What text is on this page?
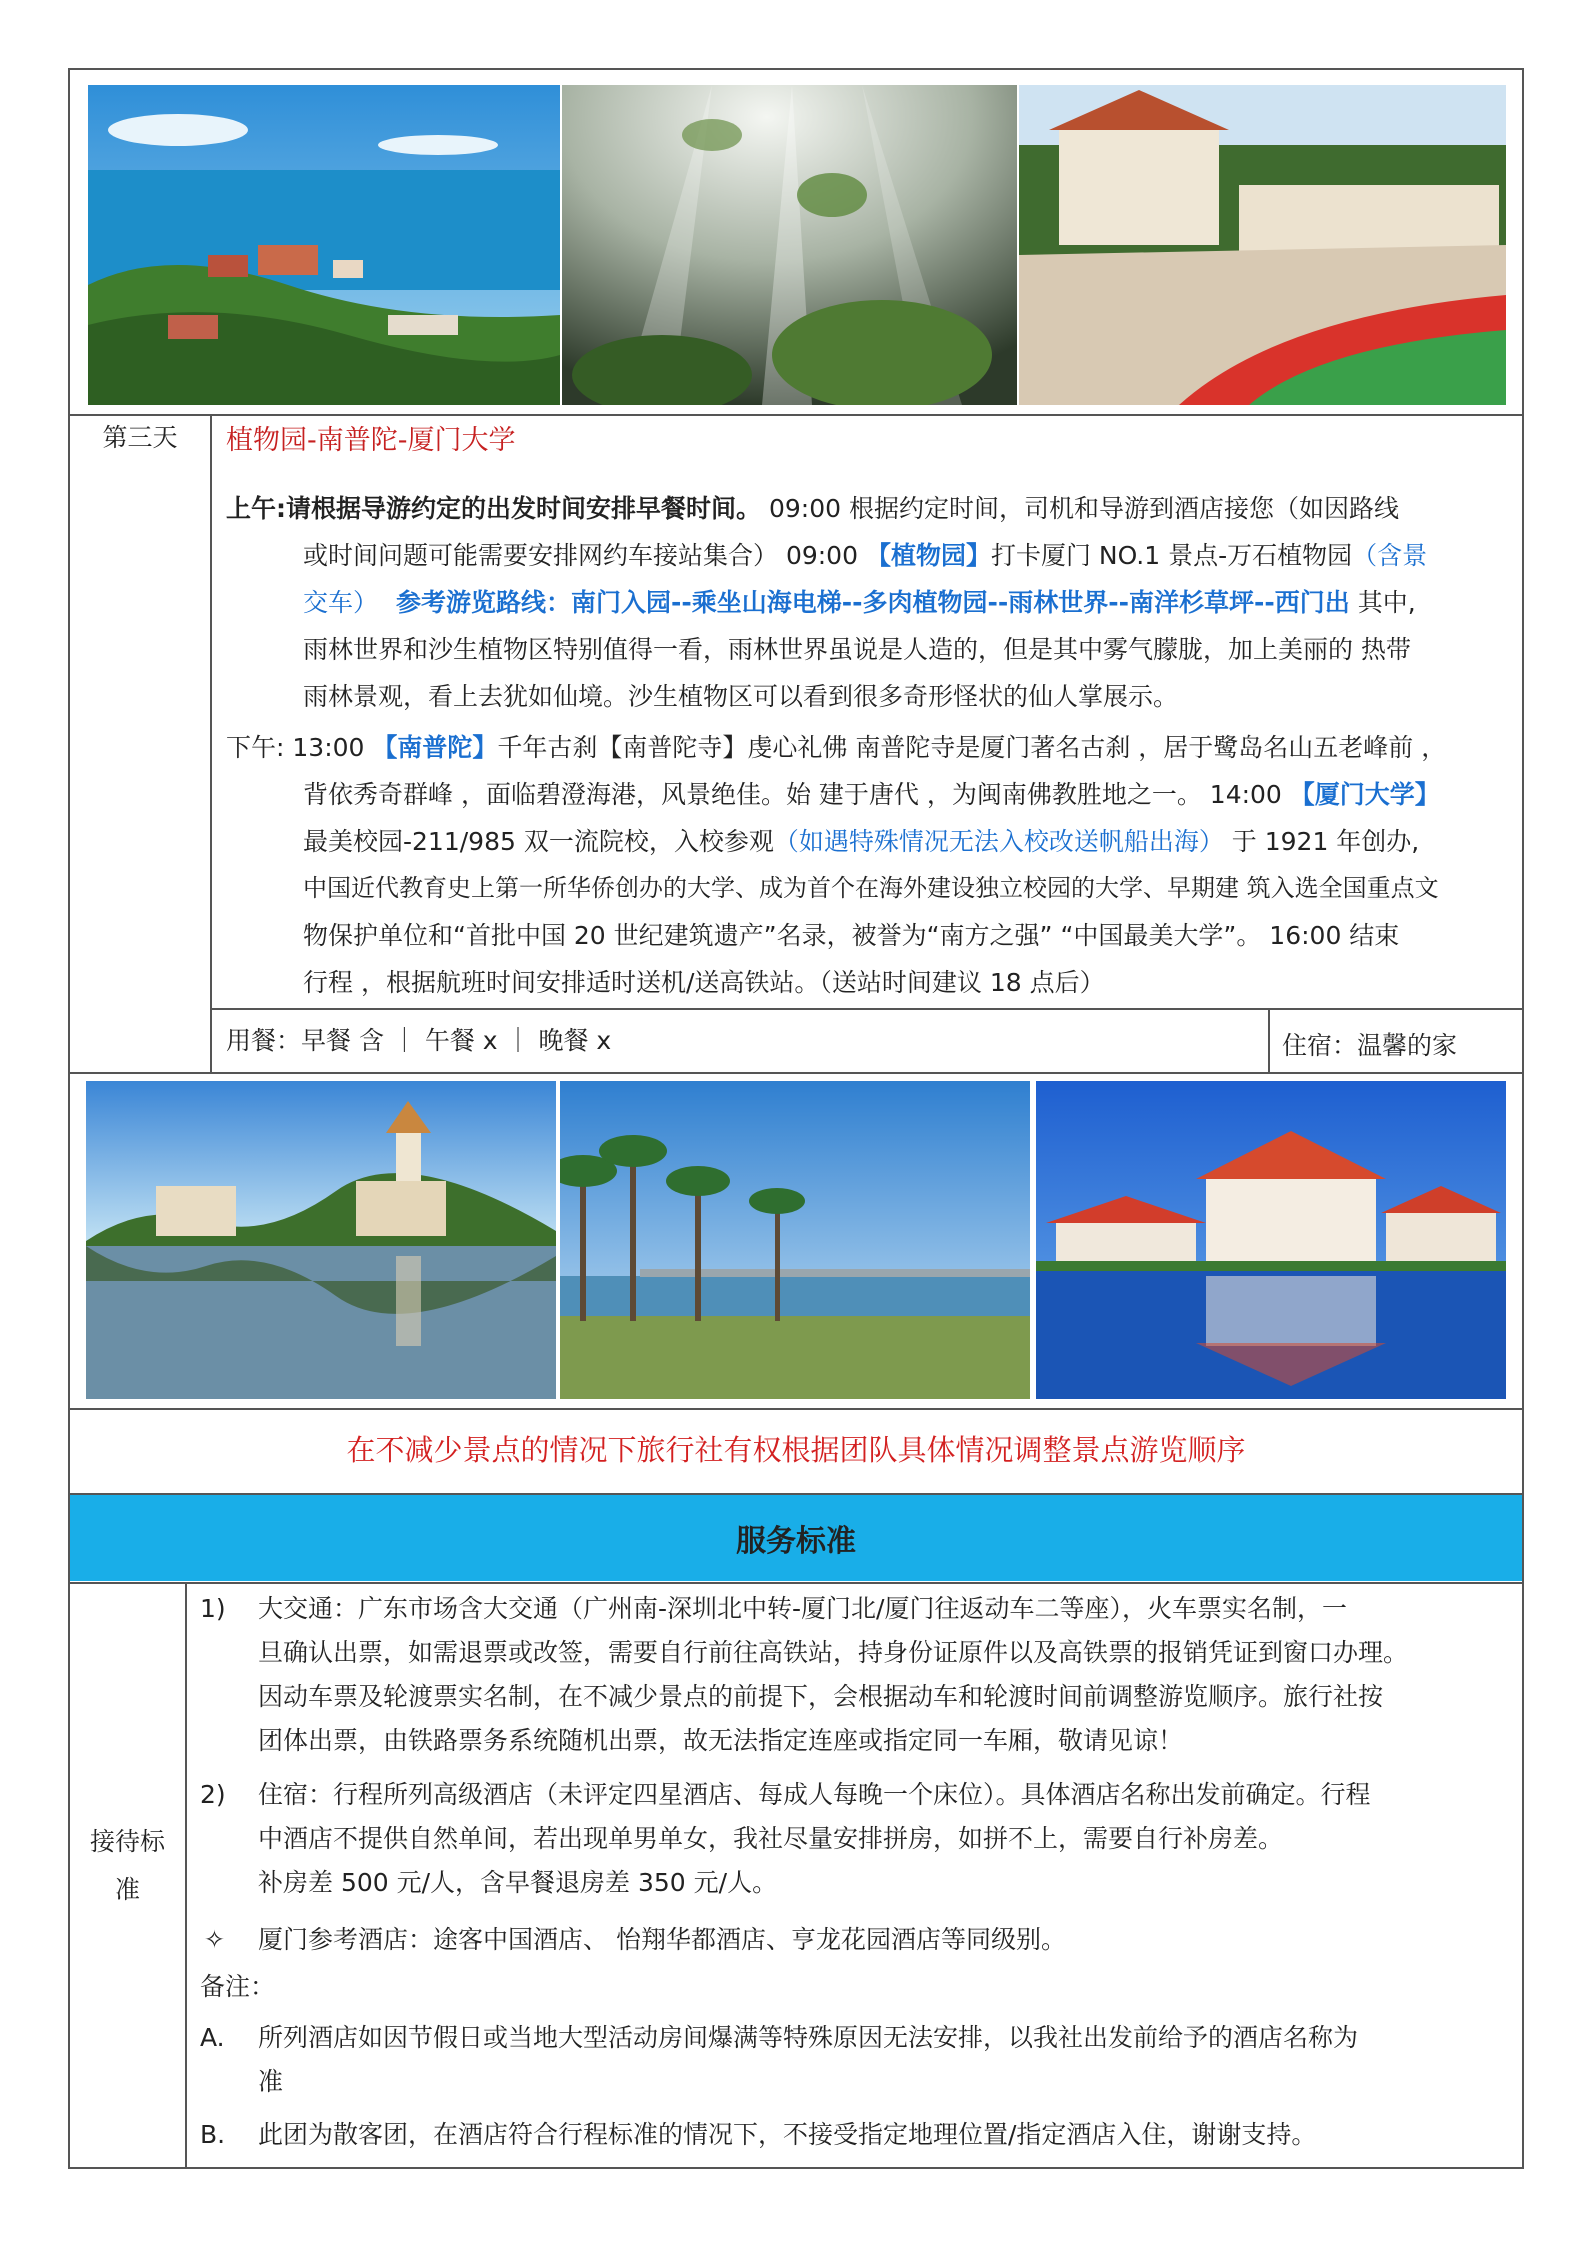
第三天	植物园-南普陀-厦门大学
上午:请根据导游约定的出发时间安排早餐时间。 09:00 根据约定时间，司机和导游到酒店接您（如因路线
或时间问题可能需要安排网约车接站集合） 09:00 【植物园】打卡厦门 NO.1 景点-万石植物园（含景
交车） 参考游览路线：南门入园--乘坐山海电梯--多肉植物园--雨林世界--南洋杉草坪--西门出 其中,
雨林世界和沙生植物区特别值得一看，雨林世界虽说是人造的，但是其中雾气朦胧，加上美丽的 热带
雨林景观，看上去犹如仙境。沙生植物区可以看到很多奇形怪状的仙人掌展示。
下午: 13:00 【南普陀】千年古刹【南普陀寺】虔心礼佛 南普陀寺是厦门著名古刹 ，居于鹭岛名山五老峰前 ，
背依秀奇群峰 ，面临碧澄海港，风景绝佳。始 建于唐代 ，为闽南佛教胜地之一。 14:00 【厦门大学】
最美校园-211/985 双一流院校，入校参观（如遇特殊情况无法入校改送帆船出海） 于 1921 年创办,
中国近代教育史上第一所华侨创办的大学、成为首个在海外建设独立校园的大学、早期建 筑入选全国重点文
物保护单位和“首批中国 20 世纪建筑遗产”名录，被誉为“南方之强” “中国最美大学”。 16:00 结束
行程 ，根据航班时间安排适时送机/送高铁站。（送站时间建议 18 点后）
用餐：早餐 含 ｜ 午餐 x ｜ 晚餐 x	住宿：温馨的家
在不减少景点的情况下旅行社有权根据团队具体情况调整景点游览顺序
服务标准
接待标
准
1) 大交通：广东市场含大交通（广州南-深圳北中转-厦门北/厦门往返动车二等座），火车票实名制，一
旦确认出票，如需退票或改签，需要自行前往高铁站，持身份证原件以及高铁票的报销凭证到窗口办理。
因动车票及轮渡票实名制，在不减少景点的前提下，会根据动车和轮渡时间前调整游览顺序。旅行社按
团体出票，由铁路票务系统随机出票，故无法指定连座或指定同一车厢，敬请见谅！
2) 住宿：行程所列高级酒店（未评定四星酒店、每成人每晚一个床位）。具体酒店名称出发前确定。行程
中酒店不提供自然单间，若出现单男单女，我社尽量安排拼房，如拼不上，需要自行补房差。
补房差 500 元/人，含早餐退房差 350 元/人。
✧ 厦门参考酒店：途客中国酒店、 怡翔华都酒店、亨龙花园酒店等同级别。
备注：
A. 所列酒店如因节假日或当地大型活动房间爆满等特殊原因无法安排，以我社出发前给予的酒店名称为
准
B. 此团为散客团，在酒店符合行程标准的情况下，不接受指定地理位置/指定酒店入住，谢谢支持。
